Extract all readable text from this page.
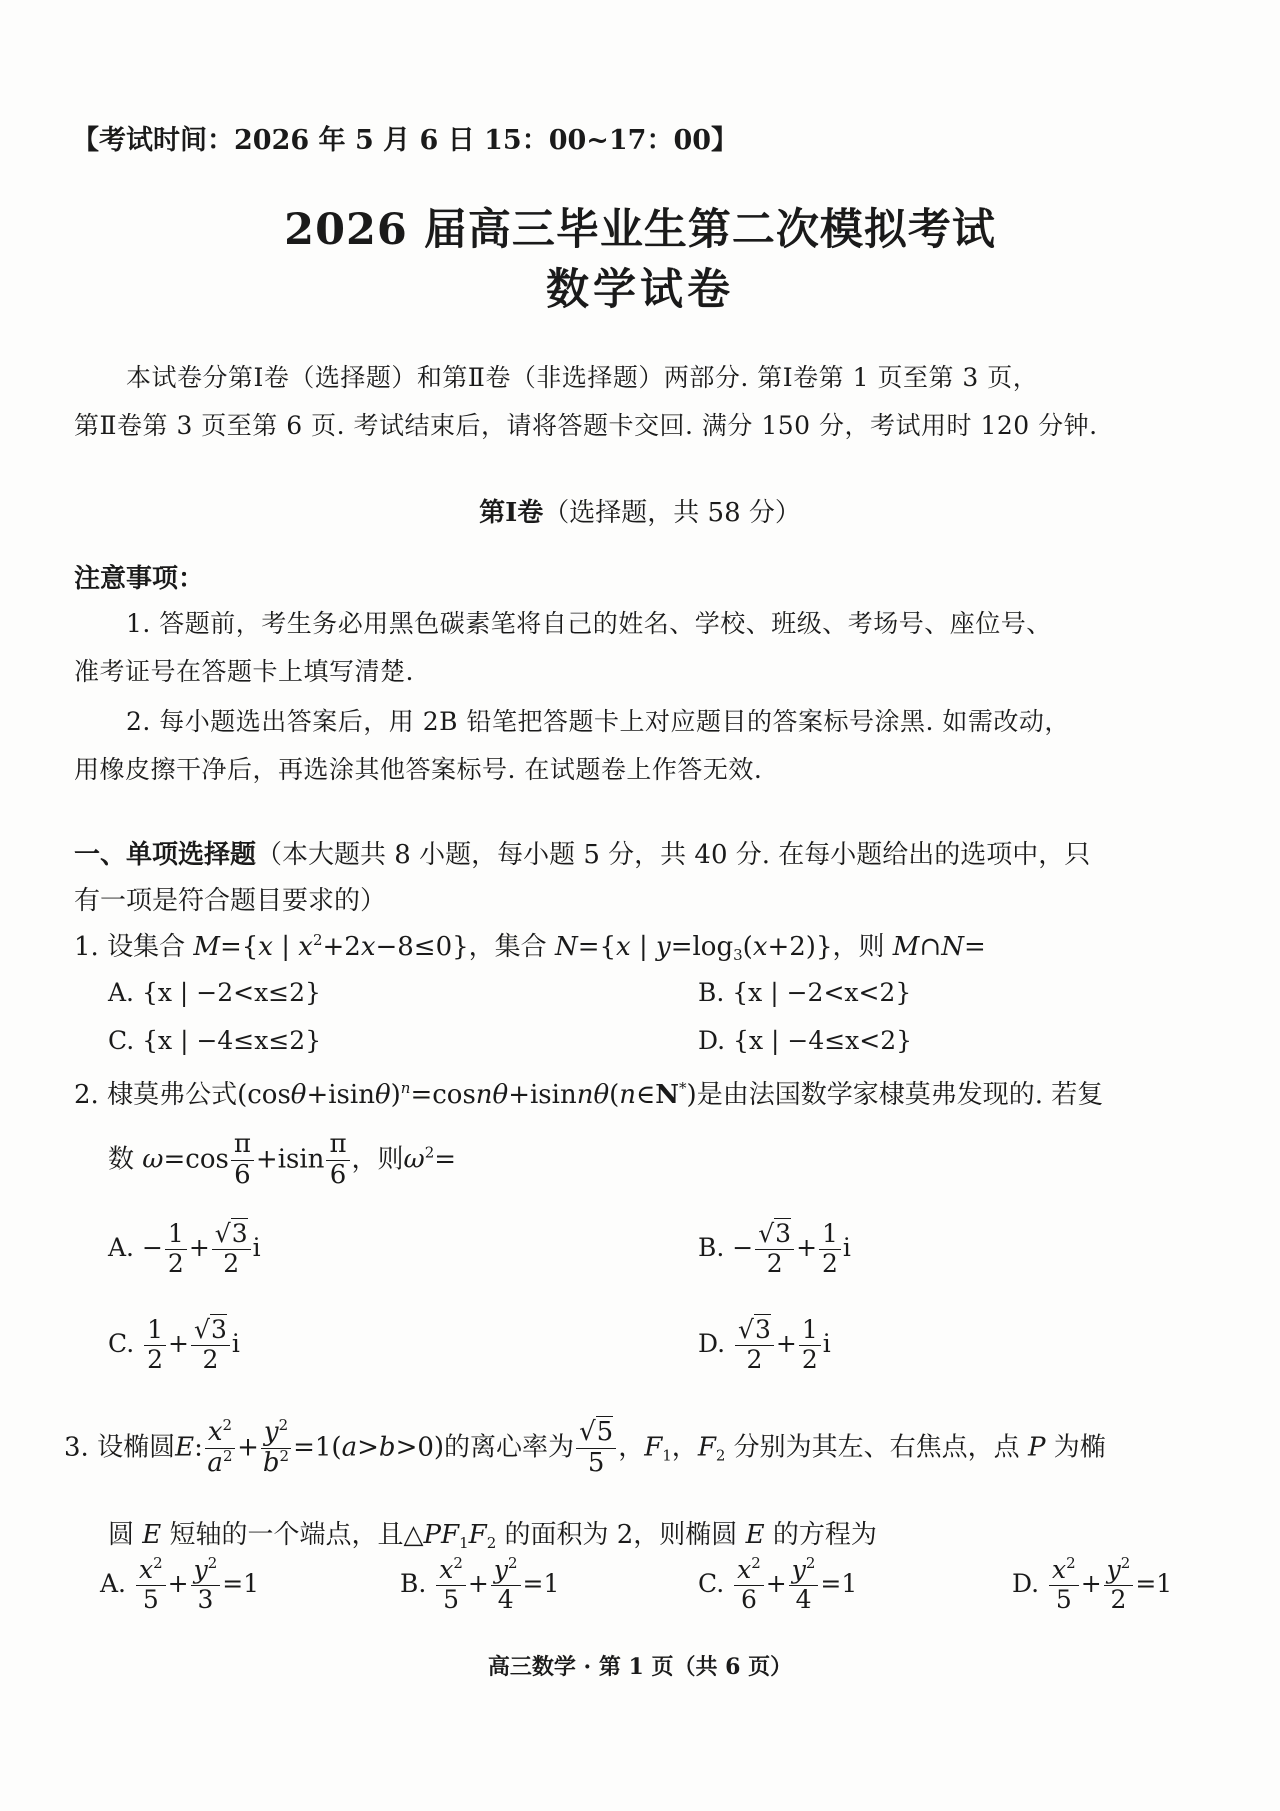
【考试时间：2026 年 5 月 6 日 15：00~17：00】
2026 届高三毕业生第二次模拟考试
数学试卷
本试卷分第Ⅰ卷（选择题）和第Ⅱ卷（非选择题）两部分. 第Ⅰ卷第 1 页至第 3 页，
第Ⅱ卷第 3 页至第 6 页. 考试结束后，请将答题卡交回. 满分 150 分，考试用时 120 分钟.
第Ⅰ卷（选择题，共 58 分）
注意事项：
1. 答题前，考生务必用黑色碳素笔将自己的姓名、学校、班级、考场号、座位号、
准考证号在答题卡上填写清楚.
2. 每小题选出答案后，用 2B 铅笔把答题卡上对应题目的答案标号涂黑. 如需改动，
用橡皮擦干净后，再选涂其他答案标号. 在试题卷上作答无效.
一、单项选择题（本大题共 8 小题，每小题 5 分，共 40 分. 在每小题给出的选项中，只
有一项是符合题目要求的）
1. 设集合 M={x | $x^2+2x-8\le 0$}，集合 N={x | $y=\log_3(x+2)$}，则 M∩N=
A. {x | −2<x≤2}	B. {x | −2<x<2}
C. {x | −4≤x≤2}	D. {x | −4≤x<2}
2. 棣莫弗公式$(\cos\theta+isin\theta)^n=\cos n\theta+isinn\theta(n\in N^*)$是由法国数学家棣莫弗发现的. 若复
数 $\omega=\cos \frac{\pi}{6} +isin \frac{\pi}{6}$ ，则$\omega^2=$
A. − $\frac{1}{2} + \frac{√3}{2}$ i	B. − $\frac{√3}{2} + \frac{1}{2}$ i
C. $\frac{1}{2} + \frac{√3}{2}$ i	D. $\frac{√3}{2} + \frac{1}{2}$ i
3. 设椭圆E: $\frac{x^2}{a^2} + \frac{y^2}{b^2} =1(a>b>0)$的离心率为 $\frac{√5}{5}$ ，$F_1$，$F_2$ 分别为其左、右焦点，点 P 为椭
圆 E 短轴的一个端点，且$\triangle PF_1F_2$ 的面积为 2，则椭圆 E 的方程为
A. $\frac{x^2}{5} + \frac{y^2}{3} =1$	B. $\frac{x^2}{5} + \frac{y^2}{4} =1$	C. $\frac{x^2}{6} + \frac{y^2}{4} =1$	D. $\frac{x^2}{5} + \frac{y^2}{2} =1$
高三数学 · 第 1 页（共 6 页）
